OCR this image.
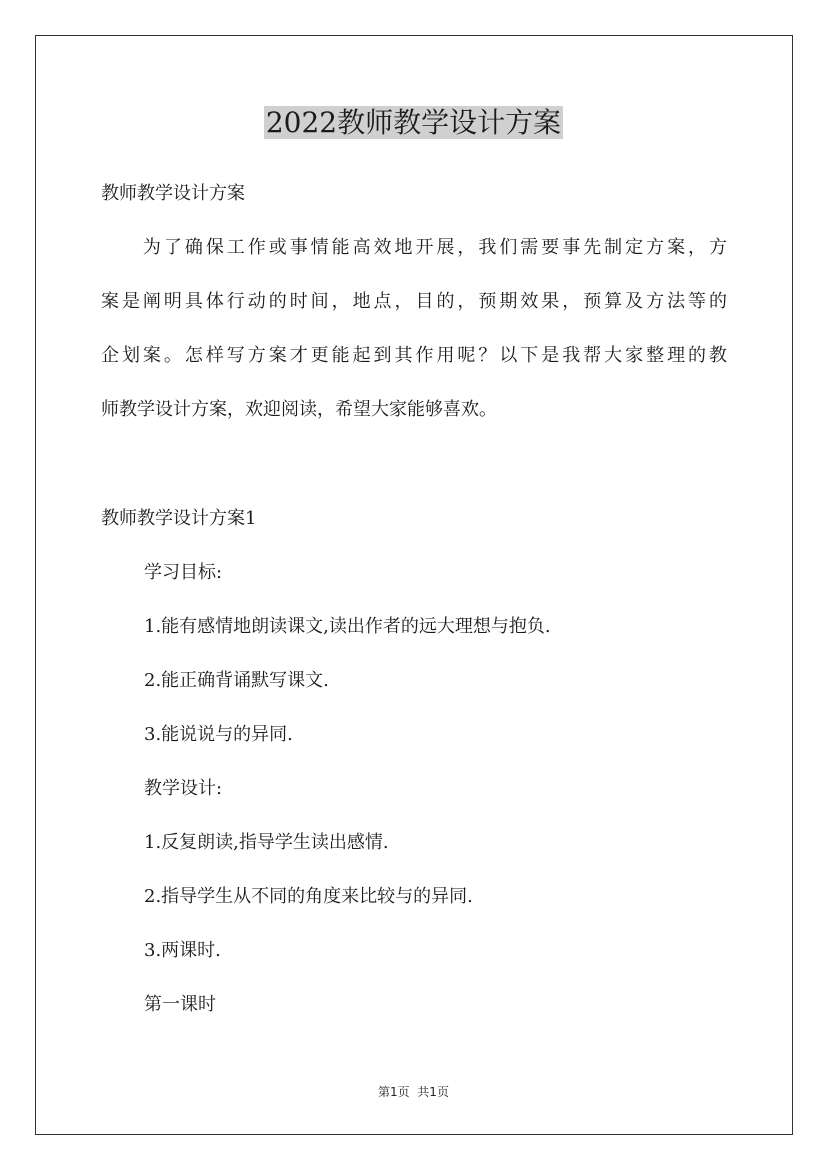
2022教师教学设计方案

教师教学设计方案

　　为了确保工作或事情能高效地开展，我们需要事先制定方案，方
案是阐明具体行动的时间，地点，目的，预期效果，预算及方法等的
企划案。怎样写方案才更能起到其作用呢？以下是我帮大家整理的教
师教学设计方案，欢迎阅读，希望大家能够喜欢。

教师教学设计方案1

学习目标:

1.能有感情地朗读课文,读出作者的远大理想与抱负.

2.能正确背诵默写课文.

3.能说说与的异同.

教学设计:

1.反复朗读,指导学生读出感情.

2.指导学生从不同的角度来比较与的异同.

3.两课时.

第一课时

第1页  共1页
